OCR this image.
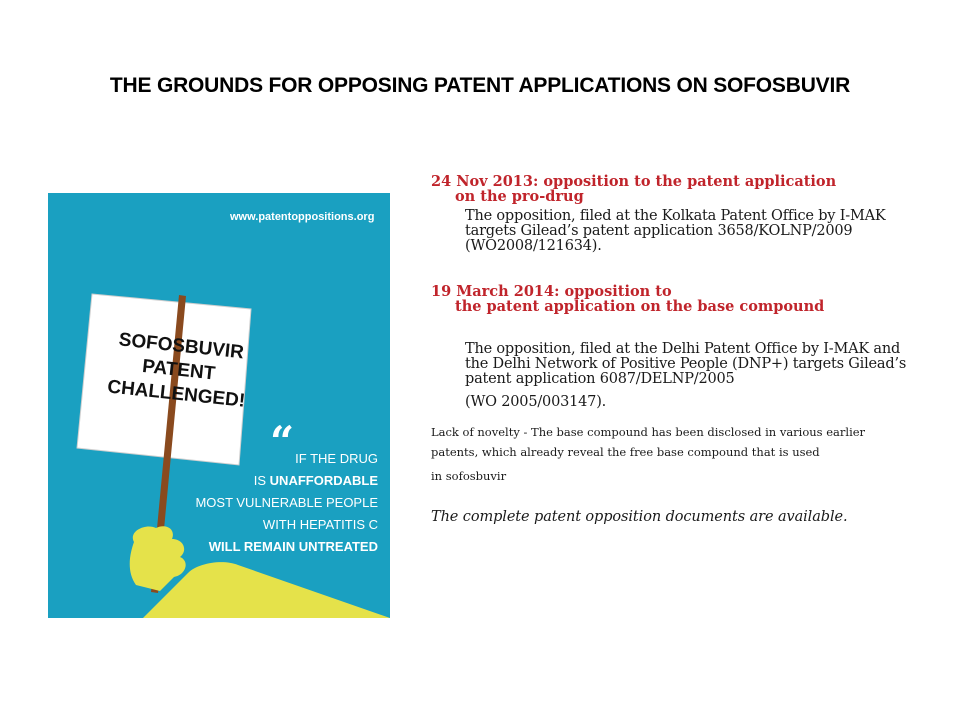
THE GROUNDS FOR OPPOSING PATENT APPLICATIONS ON SOFOSBUVIR
www.patentoppositions.org
SOFOSBUVIR
PATENT
CHALLENGED!
“ IF THE DRUG
IS UNAFFORDABLE
MOST VULNERABLE PEOPLE
WITH HEPATITIS C
WILL REMAIN UNTREATED
24 Nov 2013: opposition to the patent application
on the pro-drug
The opposition, filed at the Kolkata Patent Office by I-MAK targets Gilead’s patent application 3658/KOLNP/2009 (WO2008/121634).
19 March 2014: opposition to
the patent application on the base compound
The opposition, filed at the Delhi Patent Office by I-MAK and the Delhi Network of Positive People (DNP+) targets Gilead’s patent application 6087/DELNP/2005
(WO 2005/003147).
Lack of novelty - The base compound has been disclosed in various earlier patents, which already reveal the free base compound that is used
in sofosbuvir
The complete patent opposition documents are available.
